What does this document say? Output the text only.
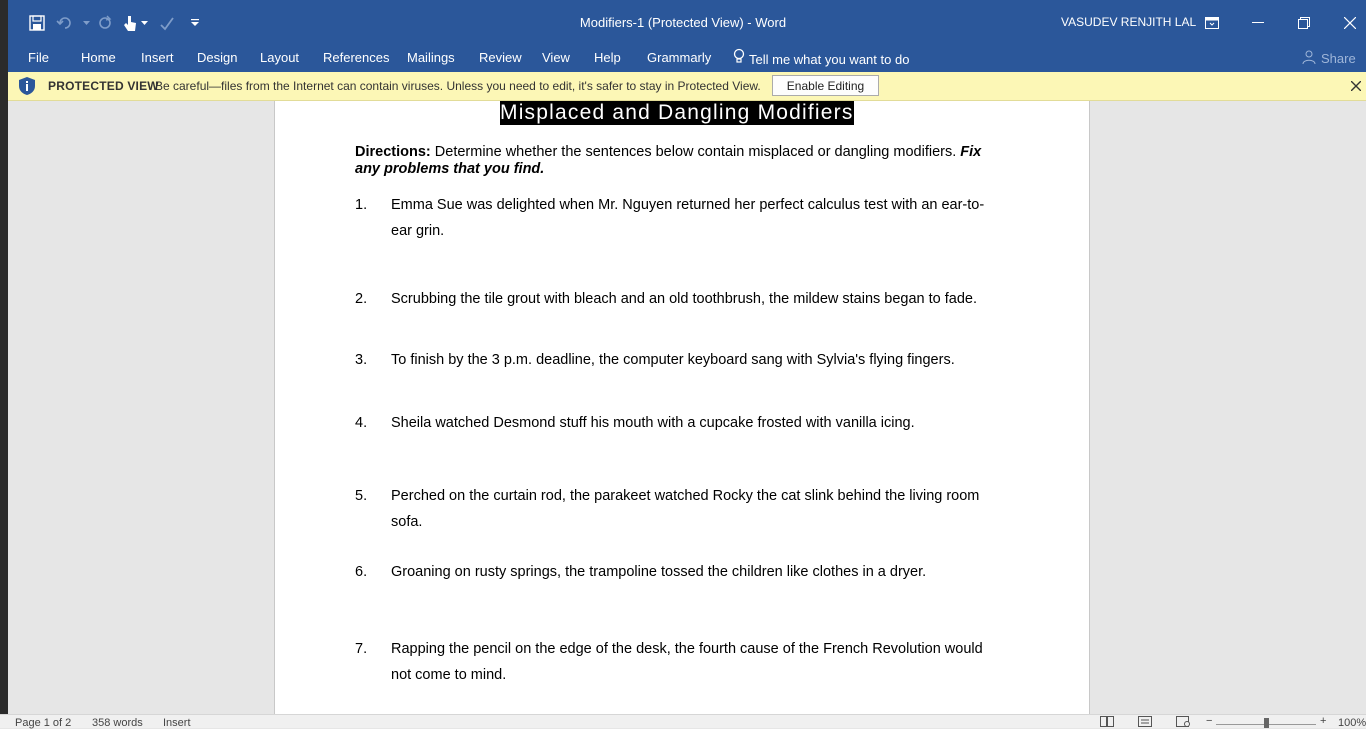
Modifiers-1 (Protected View) - Word	VASUDEV RENJITH LAL
File Home Insert Design Layout References Mailings Review View Help Grammarly	Tell me what you want to do	Share
PROTECTED VIEW
Be careful—files from the Internet can contain viruses. Unless you need to edit, it's safer to stay in Protected View.	Enable Editing
Misplaced and Dangling Modifiers
Directions: Determine whether the sentences below contain misplaced or dangling modifiers. Fix any problems that you find.
1. Emma Sue was delighted when Mr. Nguyen returned her perfect calculus test with an ear-to-ear grin.
2. Scrubbing the tile grout with bleach and an old toothbrush, the mildew stains began to fade.
3. To finish by the 3 p.m. deadline, the computer keyboard sang with Sylvia's flying fingers.
4. Sheila watched Desmond stuff his mouth with a cupcake frosted with vanilla icing.
5. Perched on the curtain rod, the parakeet watched Rocky the cat slink behind the living room sofa.
6. Groaning on rusty springs, the trampoline tossed the children like clothes in a dryer.
7. Rapping the pencil on the edge of the desk, the fourth cause of the French Revolution would not come to mind.
Page 1 of 2 358 words Insert	−	+ 100%
